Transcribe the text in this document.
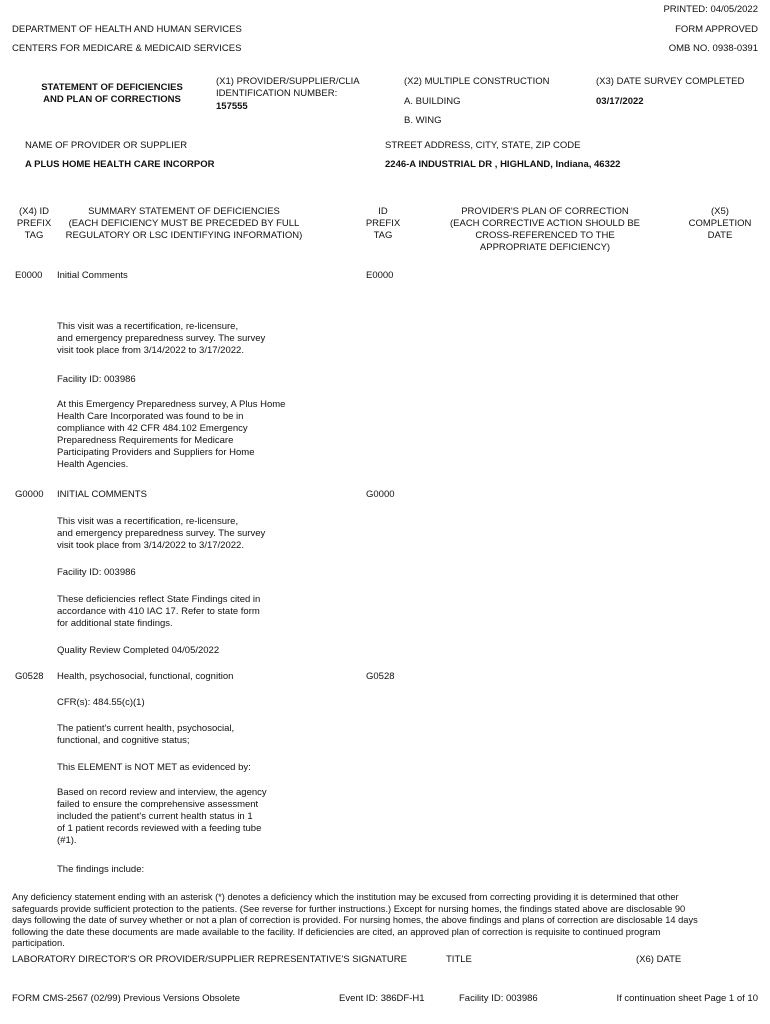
PRINTED: 04/05/2022
DEPARTMENT OF HEALTH AND HUMAN SERVICES	FORM APPROVED
CENTERS FOR MEDICARE & MEDICAID SERVICES	OMB NO. 0938-0391
STATEMENT OF DEFICIENCIES
AND PLAN OF CORRECTIONS
(X1) PROVIDER/SUPPLIER/CLIA
IDENTIFICATION NUMBER:
157555
(X2) MULTIPLE CONSTRUCTION
A. BUILDING
B. WING
(X3) DATE SURVEY COMPLETED
03/17/2022
NAME OF PROVIDER OR SUPPLIER
A PLUS HOME HEALTH CARE INCORPOR
STREET ADDRESS, CITY, STATE, ZIP CODE
2246-A INDUSTRIAL DR , HIGHLAND, Indiana, 46322
(X4) ID
PREFIX
TAG
SUMMARY STATEMENT OF DEFICIENCIES
(EACH DEFICIENCY MUST BE PRECEDED BY FULL
REGULATORY OR LSC IDENTIFYING INFORMATION)
ID
PREFIX
TAG
PROVIDER'S PLAN OF CORRECTION
(EACH CORRECTIVE ACTION SHOULD BE
CROSS-REFERENCED TO THE
APPROPRIATE DEFICIENCY)
(X5)
COMPLETION
DATE
E0000 Initial Comments	E0000
This visit was a recertification, re-licensure,
and emergency preparedness survey. The survey
visit took place from 3/14/2022 to 3/17/2022.
Facility ID: 003986
At this Emergency Preparedness survey, A Plus Home
Health Care Incorporated was found to be in
compliance with 42 CFR 484.102 Emergency
Preparedness Requirements for Medicare
Participating Providers and Suppliers for Home
Health Agencies.
G0000 INITIAL COMMENTS	G0000
This visit was a recertification, re-licensure,
and emergency preparedness survey. The survey
visit took place from 3/14/2022 to 3/17/2022.
Facility ID: 003986
These deficiencies reflect State Findings cited in
accordance with 410 IAC 17. Refer to state form
for additional state findings.
Quality Review Completed 04/05/2022
G0528 Health, psychosocial, functional, cognition	G0528
CFR(s): 484.55(c)(1)
The patient's current health, psychosocial,
functional, and cognitive status;
This ELEMENT is NOT MET as evidenced by:
Based on record review and interview, the agency
failed to ensure the comprehensive assessment
included the patient's current health status in 1
of 1 patient records reviewed with a feeding tube
(#1).
The findings include:
Any deficiency statement ending with an asterisk (*) denotes a deficiency which the institution may be excused from correcting providing it is determined that other
safeguards provide sufficient protection to the patients. (See reverse for further instructions.) Except for nursing homes, the findings stated above are disclosable 90
days following the date of survey whether or not a plan of correction is provided. For nursing homes, the above findings and plans of correction are disclosable 14 days
following the date these documents are made available to the facility. If deficiencies are cited, an approved plan of correction is requisite to continued program
participation.
LABORATORY DIRECTOR'S OR PROVIDER/SUPPLIER REPRESENTATIVE'S SIGNATURE	TITLE	(X6) DATE
FORM CMS-2567 (02/99) Previous Versions Obsolete	Event ID: 386DF-H1	Facility ID: 003986	If continuation sheet Page 1 of 10
